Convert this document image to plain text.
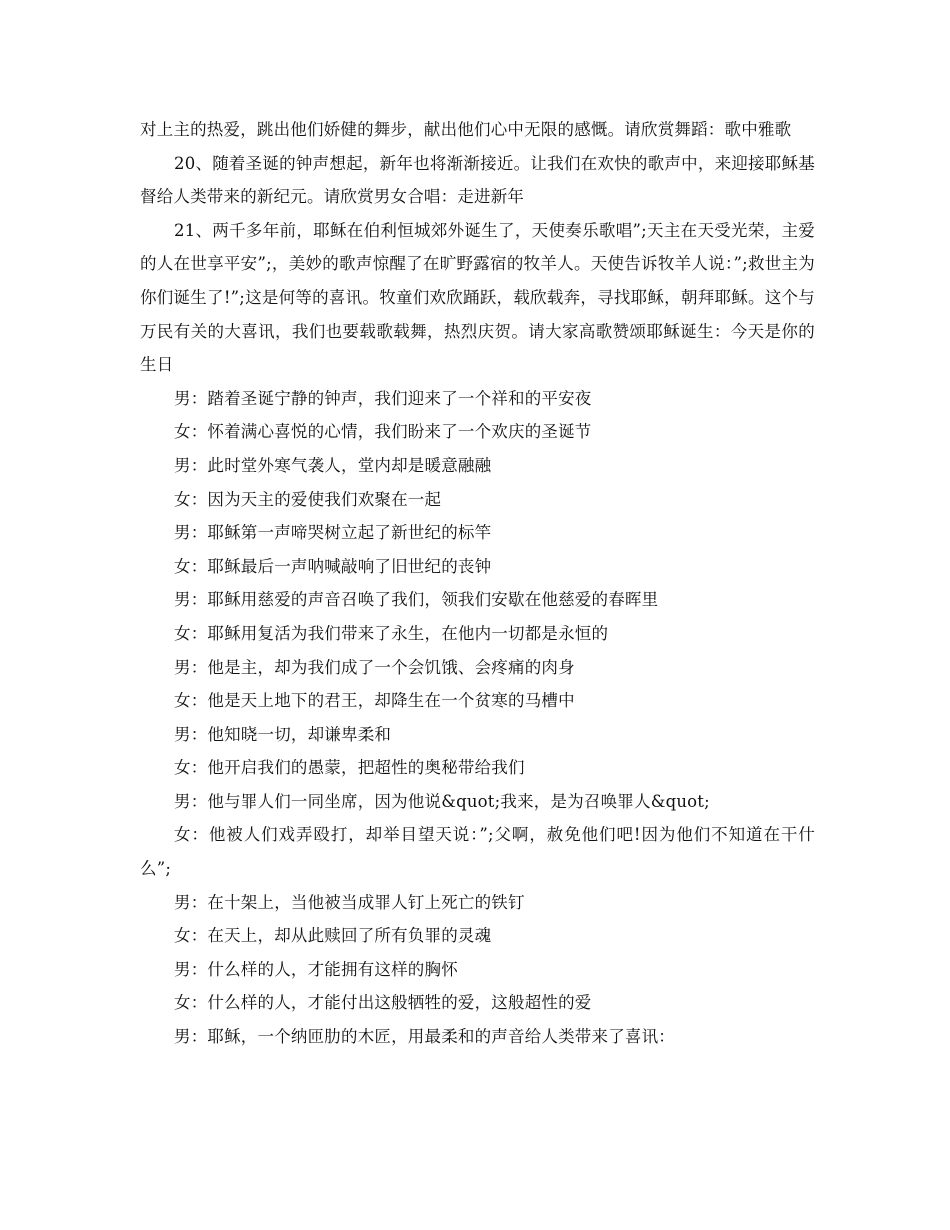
对上主的热爱，跳出他们娇健的舞步，献出他们心中无限的感慨。请欣赏舞蹈：歌中雅歌

20、随着圣诞的钟声想起，新年也将渐渐接近。让我们在欢快的歌声中，来迎接耶稣基督给人类带来的新纪元。请欣赏男女合唱：走进新年

21、两千多年前，耶稣在伯利恒城郊外诞生了，天使奏乐歌唱”;天主在天受光荣，主爱的人在世享平安”;，美妙的歌声惊醒了在旷野露宿的牧羊人。天使告诉牧羊人说：”;救世主为你们诞生了!”;这是何等的喜讯。牧童们欢欣踊跃，载欣载奔，寻找耶稣，朝拜耶稣。这个与万民有关的大喜讯，我们也要载歌载舞，热烈庆贺。请大家高歌赞颂耶稣诞生：今天是你的生日

男：踏着圣诞宁静的钟声，我们迎来了一个祥和的平安夜

女：怀着满心喜悦的心情，我们盼来了一个欢庆的圣诞节

男：此时堂外寒气袭人，堂内却是暖意融融

女：因为天主的爱使我们欢聚在一起

男：耶稣第一声啼哭树立起了新世纪的标竿

女：耶稣最后一声呐喊敲响了旧世纪的丧钟

男：耶稣用慈爱的声音召唤了我们，领我们安歇在他慈爱的春晖里

女：耶稣用复活为我们带来了永生，在他内一切都是永恒的

男：他是主，却为我们成了一个会饥饿、会疼痛的肉身

女：他是天上地下的君王，却降生在一个贫寒的马槽中

男：他知晓一切，却谦卑柔和

女：他开启我们的愚蒙，把超性的奥秘带给我们

男：他与罪人们一同坐席，因为他说&quot;我来，是为召唤罪人&quot;

女：他被人们戏弄殴打，却举目望天说：”;父啊，赦免他们吧!因为他们不知道在干什么”;

男：在十架上，当他被当成罪人钉上死亡的铁钉

女：在天上，却从此赎回了所有负罪的灵魂

男：什么样的人，才能拥有这样的胸怀

女：什么样的人，才能付出这般牺牲的爱，这般超性的爱

男：耶稣，一个纳匝肋的木匠，用最柔和的声音给人类带来了喜讯：
